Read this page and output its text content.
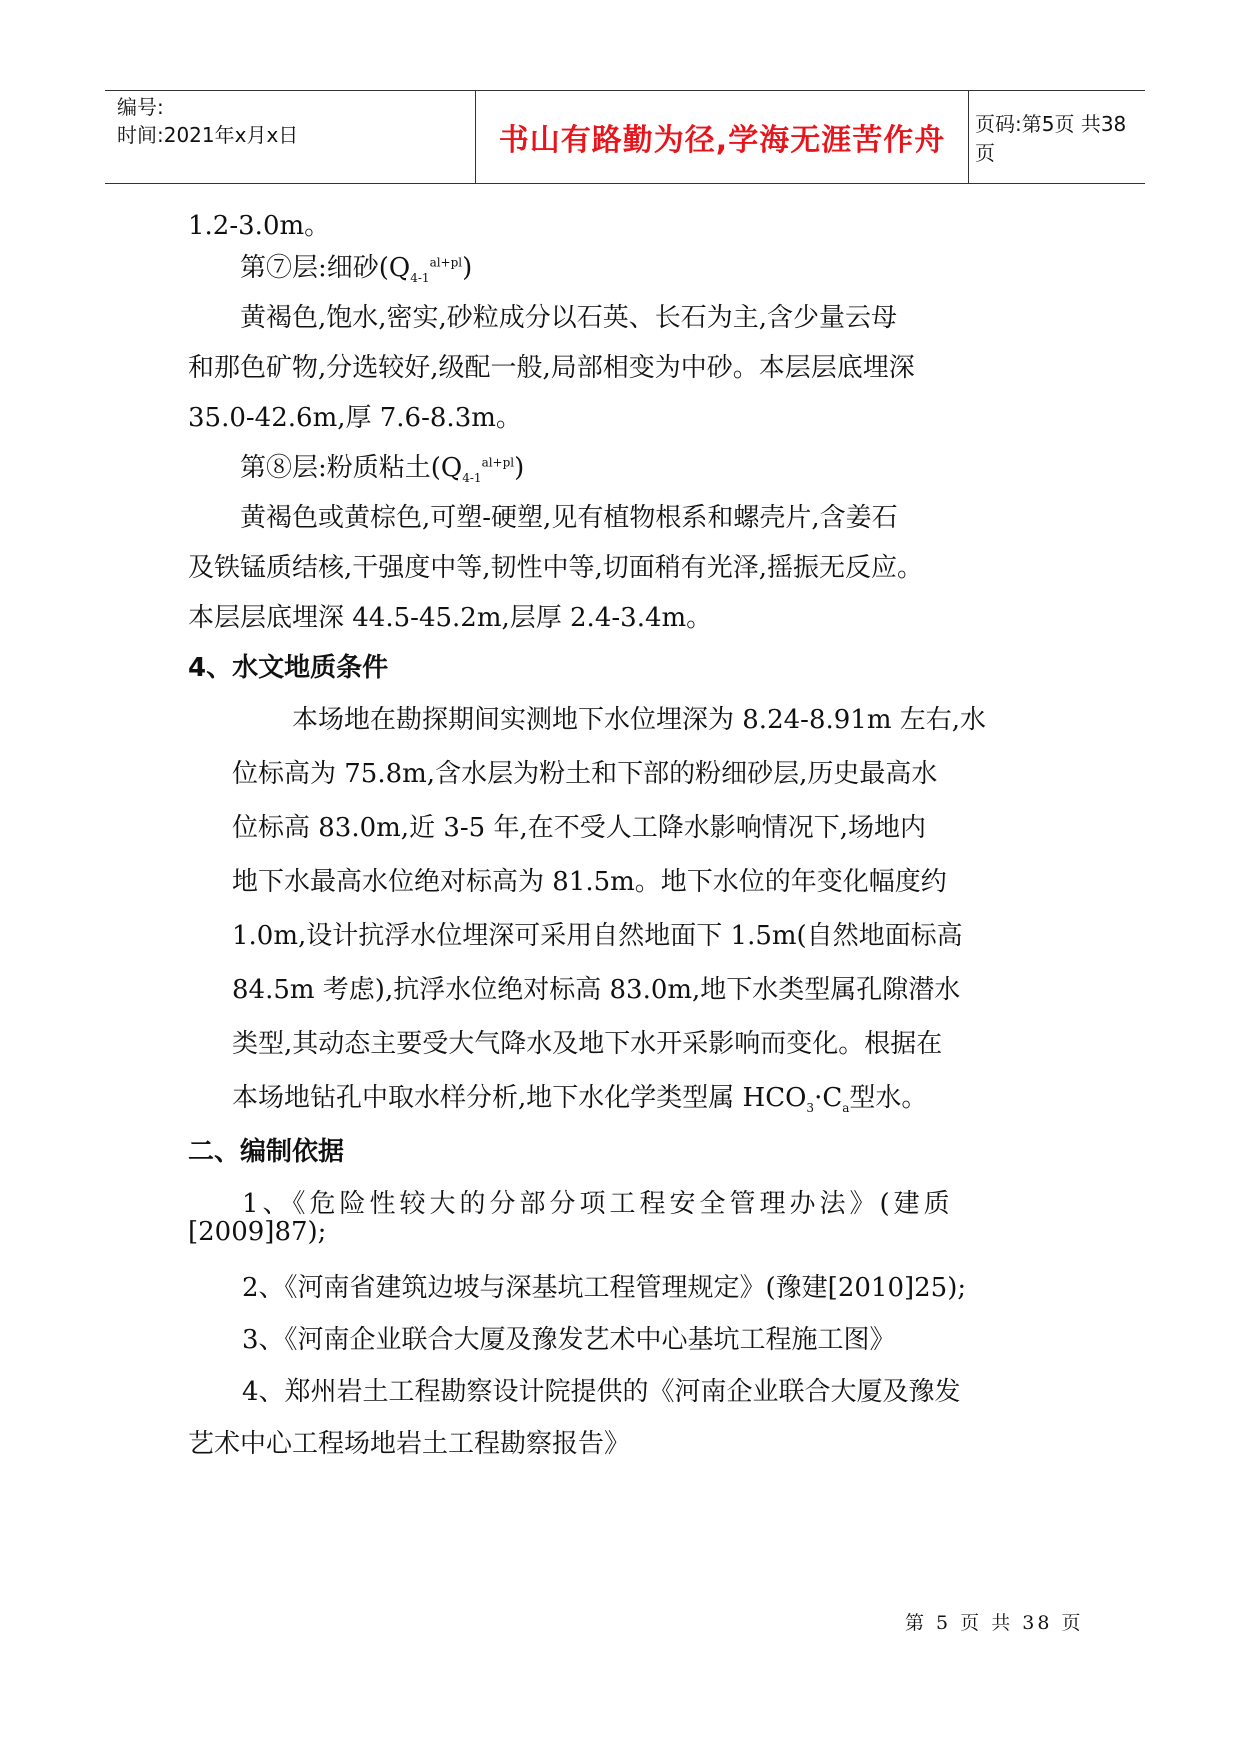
编号:
时间:2021年x月x日	书山有路勤为径,学海无涯苦作舟 页码:第5页 共38页
1.2-3.0m。
第⑦层:细砂$(Q_{4-1}^{al+pl})$
黄褐色,饱水,密实,砂粒成分以石英、长石为主,含少量云母
和那色矿物,分选较好,级配一般,局部相变为中砂。本层层底埋深
35.0-42.6m,厚 7.6-8.3m。
第⑧层:粉质粘土$(Q_{4-1}^{al+pl})$
黄褐色或黄棕色,可塑-硬塑,见有植物根系和螺壳片,含姜石
及铁锰质结核,干强度中等,韧性中等,切面稍有光泽,摇振无反应。
本层层底埋深 44.5-45.2m,层厚 2.4-3.4m。
4、水文地质条件
本场地在勘探期间实测地下水位埋深为 8.24-8.91m 左右,水
位标高为 75.8m,含水层为粉土和下部的粉细砂层,历史最高水
位标高 83.0m,近 3-5 年,在不受人工降水影响情况下,场地内
地下水最高水位绝对标高为 81.5m。地下水位的年变化幅度约
1.0m,设计抗浮水位埋深可采用自然地面下 1.5m(自然地面标高
84.5m 考虑),抗浮水位绝对标高 83.0m,地下水类型属孔隙潜水
类型,其动态主要受大气降水及地下水开采影响而变化。根据在
本场地钻孔中取水样分析,地下水化学类型属 $HCO_3\cdot C_a$型水。
二、编制依据
1、《危险性较大的分部分项工程安全管理办法》(建质
[2009]87);
2、《河南省建筑边坡与深基坑工程管理规定》(豫建[2010]25);
3、《河南企业联合大厦及豫发艺术中心基坑工程施工图》
4、郑州岩土工程勘察设计院提供的《河南企业联合大厦及豫发
艺术中心工程场地岩土工程勘察报告》
第 5 页 共 38 页
